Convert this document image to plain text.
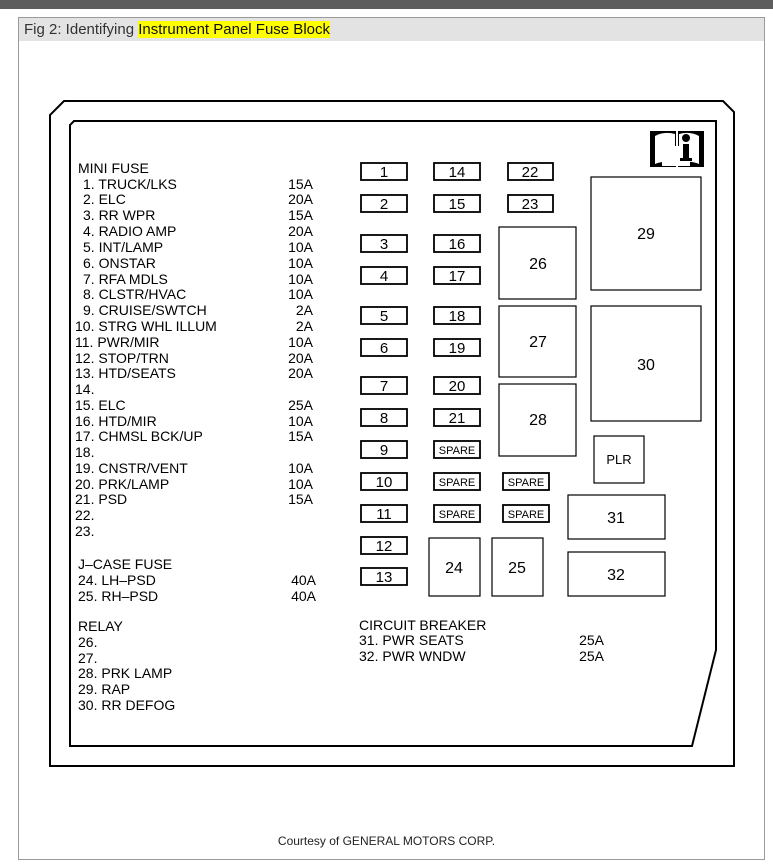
Fig 2: Identifying Instrument Panel Fuse Block
1
2
3
4
5
6
7
8
9
10
11
12
13
14
15
16
17
18
19
20
21
SPARE
SPARE
SPARE
22
23
SPARE
SPARE
26
27
28
29
30
PLR
24	25
31
32
MINI FUSE
1. TRUCK/LKS	15A
2. ELC	20A
3. RR WPR	15A
4. RADIO AMP	20A
5. INT/LAMP	10A
6. ONSTAR	10A
7. RFA MDLS	10A
8. CLSTR/HVAC	10A
9. CRUISE/SWTCH	2A
10. STRG WHL ILLUM	2A
11. PWR/MIR	10A
12. STOP/TRN	20A
13. HTD/SEATS	20A
14.
15. ELC	25A
16. HTD/MIR	10A
17. CHMSL BCK/UP	15A
18.
19. CNSTR/VENT	10A
20. PRK/LAMP	10A
21. PSD	15A
22.
23.
J–CASE FUSE
24. LH–PSD	40A
25. RH–PSD	40A
RELAY
26.
27.
28. PRK LAMP
29. RAP
30. RR DEFOG
CIRCUIT BREAKER
31. PWR SEATS	25A
32. PWR WNDW	25A
Courtesy of GENERAL MOTORS CORP.
